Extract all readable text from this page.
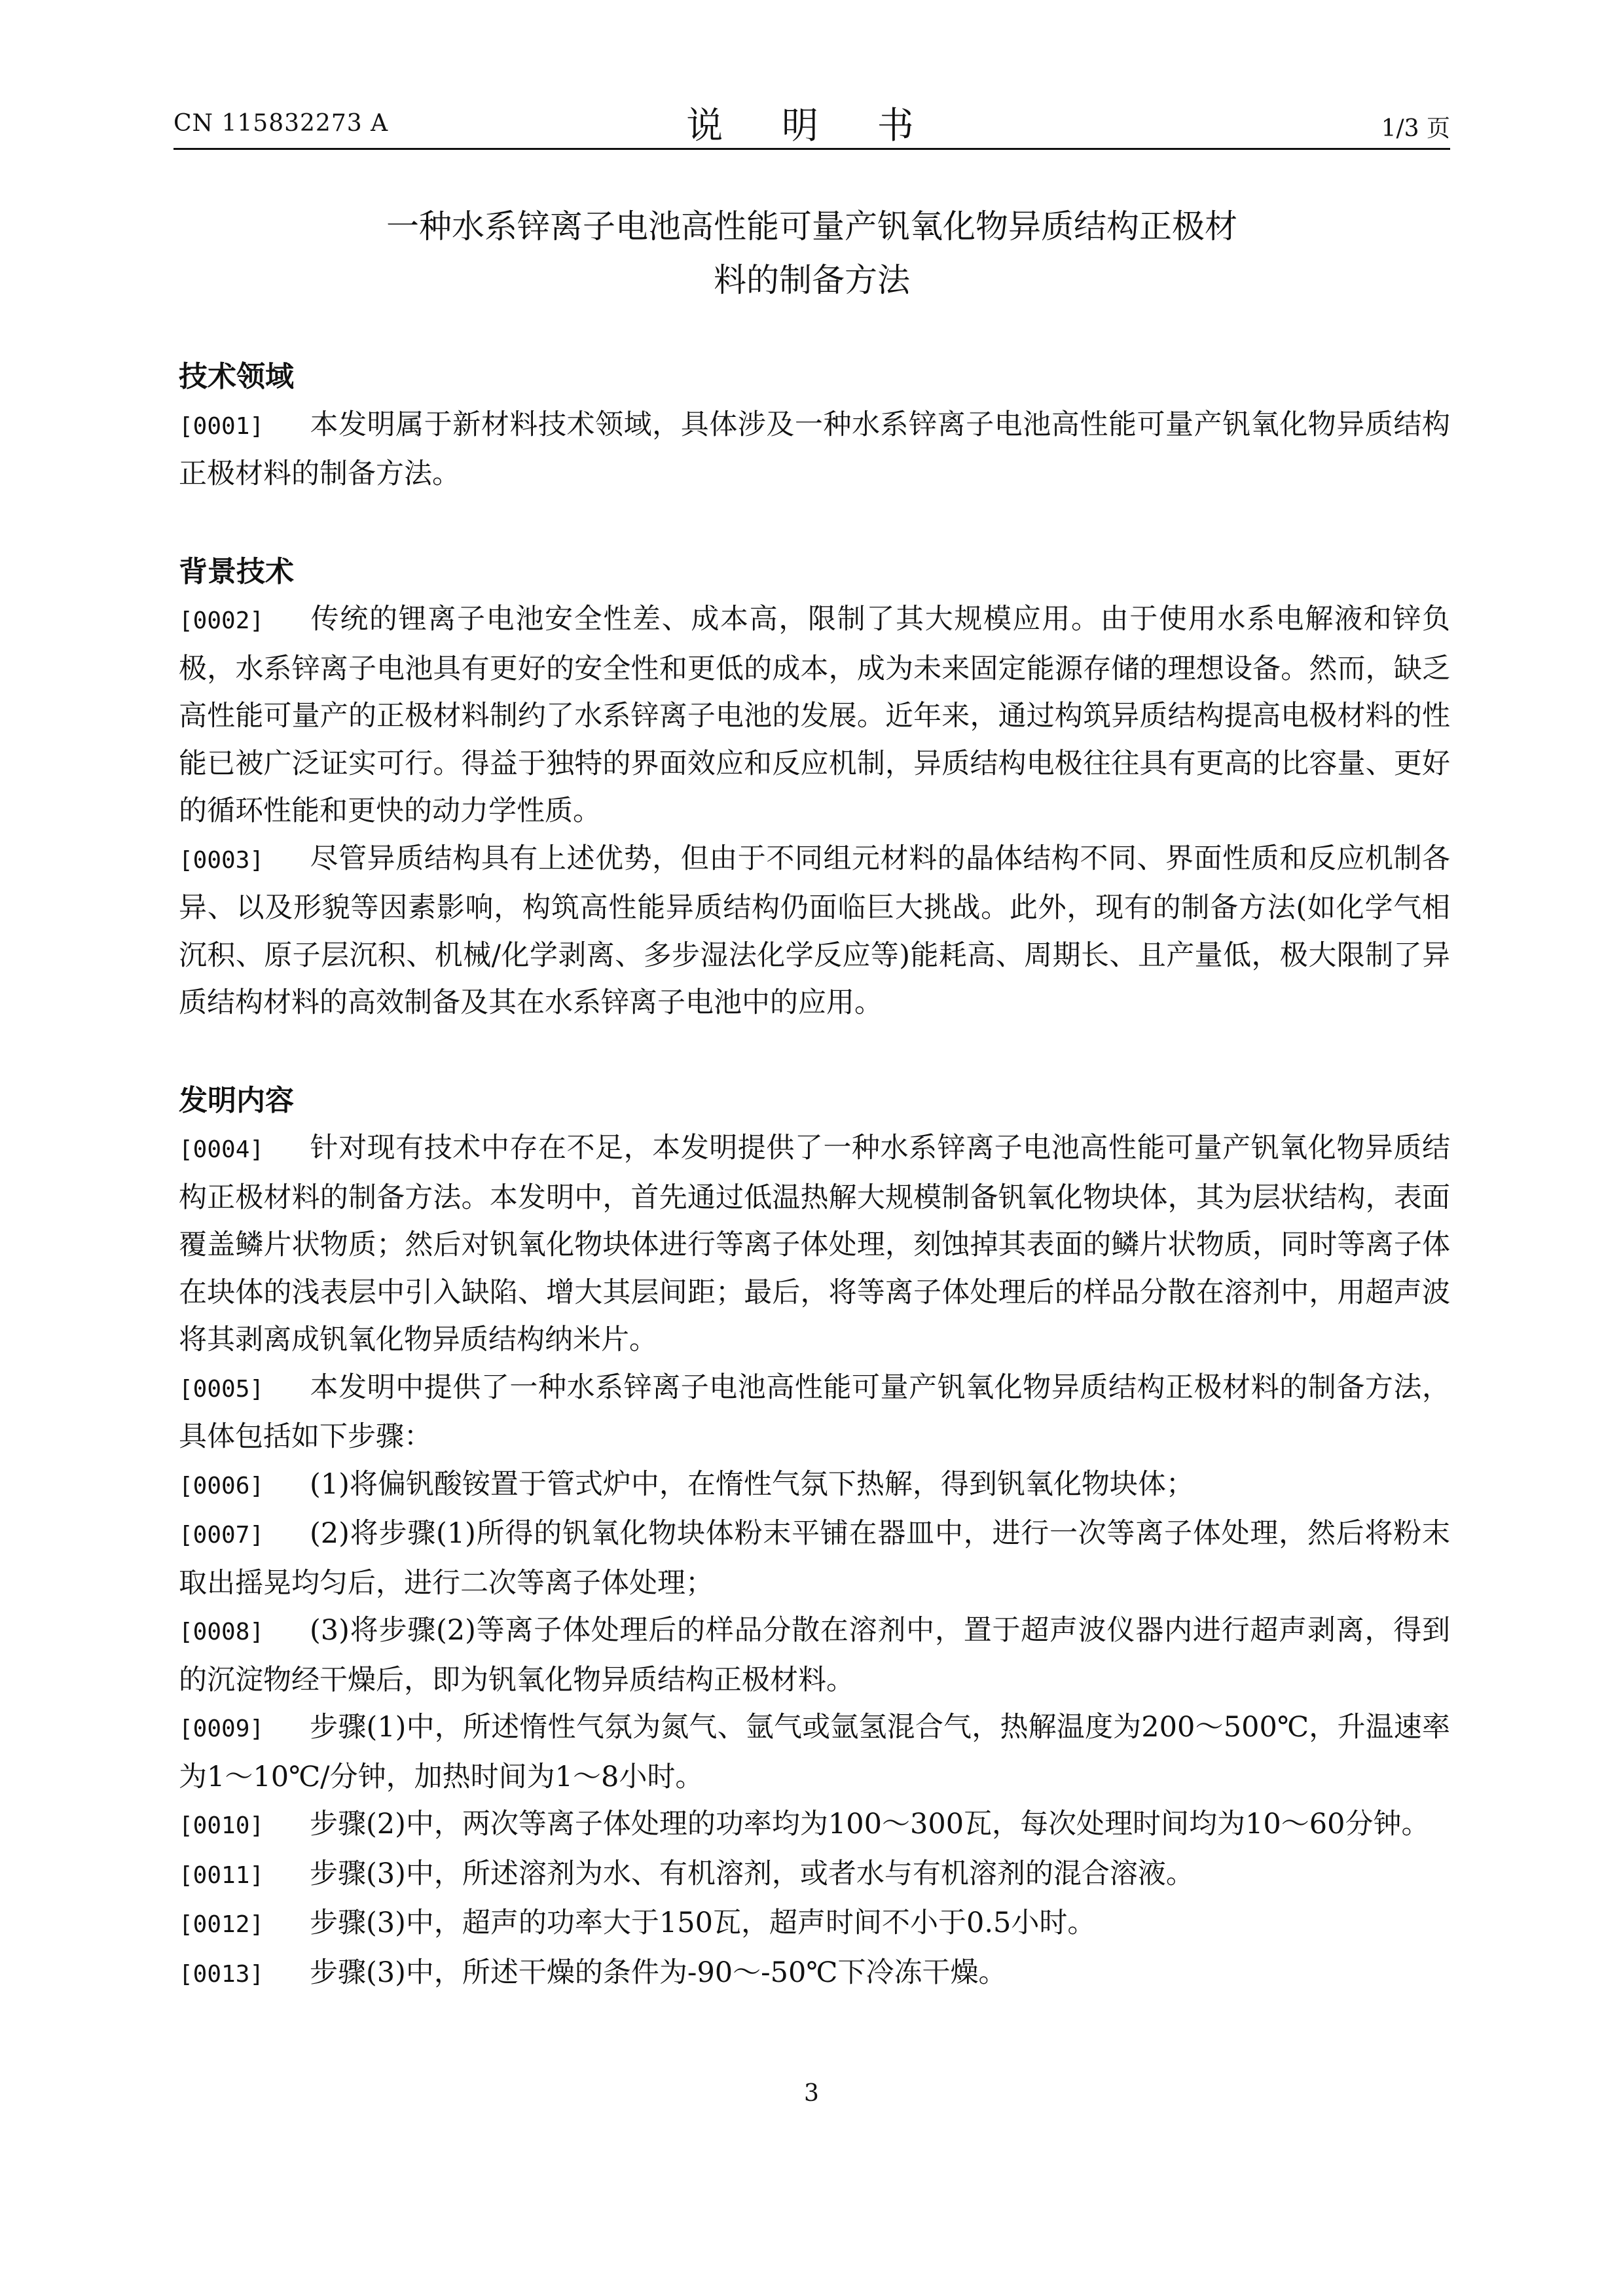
CN 115832273 A	说 明 书	1/3 页
一种水系锌离子电池高性能可量产钒氧化物异质结构正极材
料的制备方法
技术领域

[0001] 本发明属于新材料技术领域，具体涉及一种水系锌离子电池高性能可量产钒氧化物异质结构正极材料的制备方法。

背景技术

[0002] 传统的锂离子电池安全性差、成本高，限制了其大规模应用。由于使用水系电解液和锌负极，水系锌离子电池具有更好的安全性和更低的成本，成为未来固定能源存储的理想设备。然而，缺乏高性能可量产的正极材料制约了水系锌离子电池的发展。近年来，通过构筑异质结构提高电极材料的性能已被广泛证实可行。得益于独特的界面效应和反应机制，异质结构电极往往具有更高的比容量、更好的循环性能和更快的动力学性质。

[0003] 尽管异质结构具有上述优势，但由于不同组元材料的晶体结构不同、界面性质和反应机制各异、以及形貌等因素影响，构筑高性能异质结构仍面临巨大挑战。此外，现有的制备方法(如化学气相沉积、原子层沉积、机械/化学剥离、多步湿法化学反应等)能耗高、周期长、且产量低，极大限制了异质结构材料的高效制备及其在水系锌离子电池中的应用。

发明内容

[0004] 针对现有技术中存在不足，本发明提供了一种水系锌离子电池高性能可量产钒氧化物异质结构正极材料的制备方法。本发明中，首先通过低温热解大规模制备钒氧化物块体，其为层状结构，表面覆盖鳞片状物质；然后对钒氧化物块体进行等离子体处理，刻蚀掉其表面的鳞片状物质，同时等离子体在块体的浅表层中引入缺陷、增大其层间距；最后，将等离子体处理后的样品分散在溶剂中，用超声波将其剥离成钒氧化物异质结构纳米片。

[0005] 本发明中提供了一种水系锌离子电池高性能可量产钒氧化物异质结构正极材料的制备方法，具体包括如下步骤：

[0006] (1)将偏钒酸铵置于管式炉中，在惰性气氛下热解，得到钒氧化物块体；

[0007] (2)将步骤(1)所得的钒氧化物块体粉末平铺在器皿中，进行一次等离子体处理，然后将粉末取出摇晃均匀后，进行二次等离子体处理；

[0008] (3)将步骤(2)等离子体处理后的样品分散在溶剂中，置于超声波仪器内进行超声剥离，得到的沉淀物经干燥后，即为钒氧化物异质结构正极材料。

[0009] 步骤(1)中，所述惰性气氛为氮气、氩气或氩氢混合气，热解温度为200～500℃，升温速率为1～10℃/分钟，加热时间为1～8小时。

[0010] 步骤(2)中，两次等离子体处理的功率均为100～300瓦，每次处理时间均为10～60分钟。

[0011] 步骤(3)中，所述溶剂为水、有机溶剂，或者水与有机溶剂的混合溶液。

[0012] 步骤(3)中，超声的功率大于150瓦，超声时间不小于0.5小时。

[0013] 步骤(3)中，所述干燥的条件为-90～-50℃下冷冻干燥。

3
